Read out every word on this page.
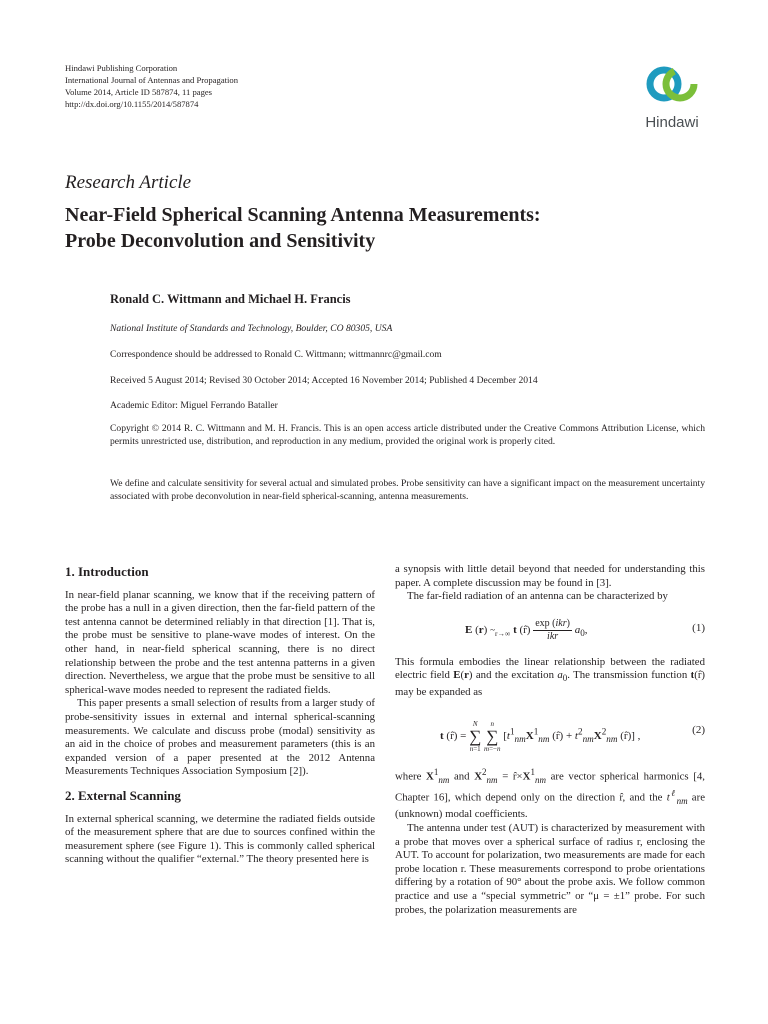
Hindawi Publishing Corporation
International Journal of Antennas and Propagation
Volume 2014, Article ID 587874, 11 pages
http://dx.doi.org/10.1155/2014/587874
Hindawi
Research Article
Near-Field Spherical Scanning Antenna Measurements:
Probe Deconvolution and Sensitivity
Ronald C. Wittmann and Michael H. Francis
National Institute of Standards and Technology, Boulder, CO 80305, USA
Correspondence should be addressed to Ronald C. Wittmann; wittmannrc@gmail.com
Received 5 August 2014; Revised 30 October 2014; Accepted 16 November 2014; Published 4 December 2014
Academic Editor: Miguel Ferrando Bataller
Copyright © 2014 R. C. Wittmann and M. H. Francis. This is an open access article distributed under the Creative Commons Attribution License, which permits unrestricted use, distribution, and reproduction in any medium, provided the original work is properly cited.
We define and calculate sensitivity for several actual and simulated probes. Probe sensitivity can have a significant impact on the measurement uncertainty associated with probe deconvolution in near-field spherical-scanning, antenna measurements.
1. Introduction

In near-field planar scanning, we know that if the receiving pattern of the probe has a null in a given direction, then the far-field pattern of the test antenna cannot be determined reliably in that direction [1]. That is, the probe must be sensitive to plane-wave modes of interest. On the other hand, in near-field spherical scanning, there is no direct relationship between the probe and the test antenna patterns in a given direction. Nevertheless, we argue that the probe must be sensitive to all spherical-wave modes needed to represent the radiated fields.

This paper presents a small selection of results from a larger study of probe-sensitivity issues in external and internal spherical-scanning measurements. We calculate and discuss probe (modal) sensitivity as an aid in the choice of probes and measurement parameters (this is an expanded version of a paper presented at the 2012 Antenna Measurements Techniques Association Symposium [2]).

2. External Scanning

In external spherical scanning, we determine the radiated fields outside of the measurement sphere that are due to sources confined within the measurement sphere (see Figure 1). This is commonly called spherical scanning without the qualifier “external.” The theory presented here is

a synopsis with little detail beyond that needed for understanding this paper. A complete discussion may be found in [3].

The far-field radiation of an antenna can be characterized by

E (r) $\sim_{r\to\infty}$ t (r̂) $\frac{\text{exp (ikr)}}{\text{ikr}} a_0$,	(1)

This formula embodies the linear relationship between the radiated electric field E(r) and the excitation $a_0$. The transmission function t(r̂) may be expanded as

t (r̂) =
N
∑
n=1

n
∑
m=−n
[$t^1_{nm}X^1_{nm}$ (r̂) + $t^2_{nm}X^2_{nm}$ (r̂)] ,
(2)

where $X^1_{nm}$ and $X^2_{nm}$ = $r̂\times X^1_{nm}$ are vector spherical harmonics [4, Chapter 16], which depend only on the direction r̂, and the $t^\ell_{nm}$ are (unknown) modal coefficients.

The antenna under test (AUT) is characterized by measurement with a probe that moves over a spherical surface of radius r, enclosing the AUT. To account for polarization, two measurements are made for each probe location r. These measurements correspond to probe orientations differing by a rotation of 90° about the probe axis. We follow common practice and use a “special symmetric” or “μ = ±1” probe. For such probes, the polarization measurements are
